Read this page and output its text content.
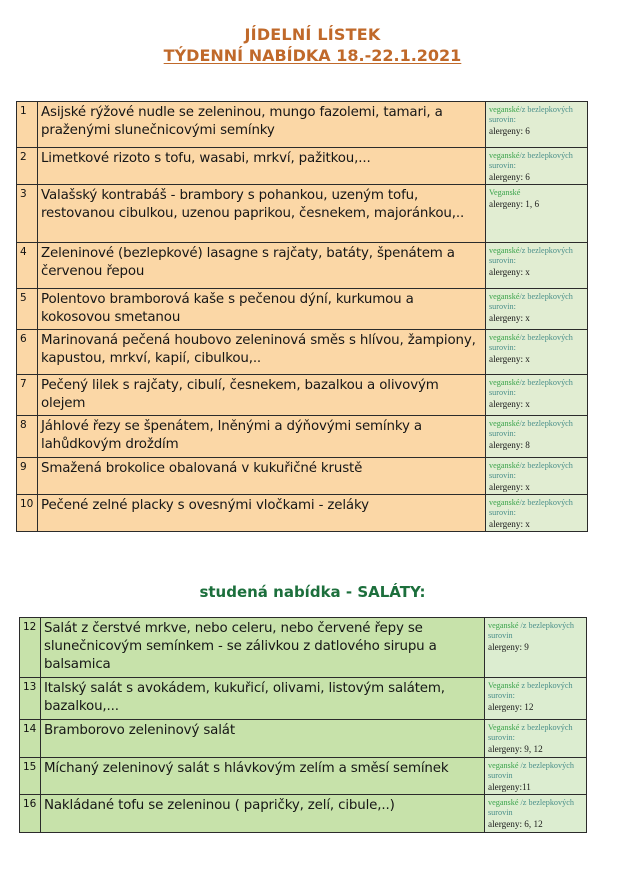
JÍDELNÍ LÍSTEK
TÝDENNÍ NABÍDKA 18.-22.1.2021
1	Asijské rýžové nudle se zeleninou, mungo fazolemi, tamari, a praženými slunečnicovými semínky	veganské/z bezlepkových surovin:
alergeny: 6

2	Limetkové rizoto s tofu, wasabi, mrkví, pažitkou,...	veganské/z bezlepkových surovin:
alergeny: 6

3	Valašský kontrabáš - brambory s pohankou, uzeným tofu, restovanou cibulkou, uzenou paprikou, česnekem, majoránkou,..	Veganské
alergeny: 1, 6

4	Zeleninové (bezlepkové) lasagne s rajčaty, batáty, špenátem a červenou řepou	veganské/z bezlepkových surovin:
alergeny: x

5	Polentovo bramborová kaše s pečenou dýní, kurkumou a kokosovou smetanou	veganské/z bezlepkových surovin:
alergeny: x

6	Marinovaná pečená houbovo zeleninová směs s hlívou, žampiony, kapustou, mrkví, kapií, cibulkou,..	veganské/z bezlepkových surovin:
alergeny: x

7	Pečený lilek s rajčaty, cibulí, česnekem, bazalkou a olivovým olejem	veganské/z bezlepkových surovin:
alergeny: x

8	Jáhlové řezy se špenátem, lněnými a dýňovými semínky a lahůdkovým droždím	veganské/z bezlepkových surovin:
alergeny: 8

9	Smažená brokolice obalovaná v kukuřičné krustě	veganské/z bezlepkových surovin:
alergeny: x

10	Pečené zelné placky s ovesnými vločkami - zeláky	veganské/z bezlepkových surovin:
alergeny: x
studená nabídka - SALÁTY:
12	Salát z čerstvé mrkve, nebo celeru, nebo červené řepy se slunečnicovým semínkem - se zálivkou z datlového sirupu a balsamica	veganské /z bezlepkových surovin
alergeny: 9

13	Italský salát s avokádem, kukuřicí, olivami, listovým salátem, bazalkou,...	Veganské z bezlepkových surovin:
alergeny: 12

14	Bramborovo zeleninový salát	Veganské z bezlepkových surovin:
alergeny: 9, 12

15	Míchaný zeleninový salát s hlávkovým zelím a směsí semínek	veganské /z bezlepkových surovin
alergeny:11

16	Nakládané tofu se zeleninou ( papričky, zelí, cibule,..)	veganské /z bezlepkových surovin
alergeny: 6, 12
